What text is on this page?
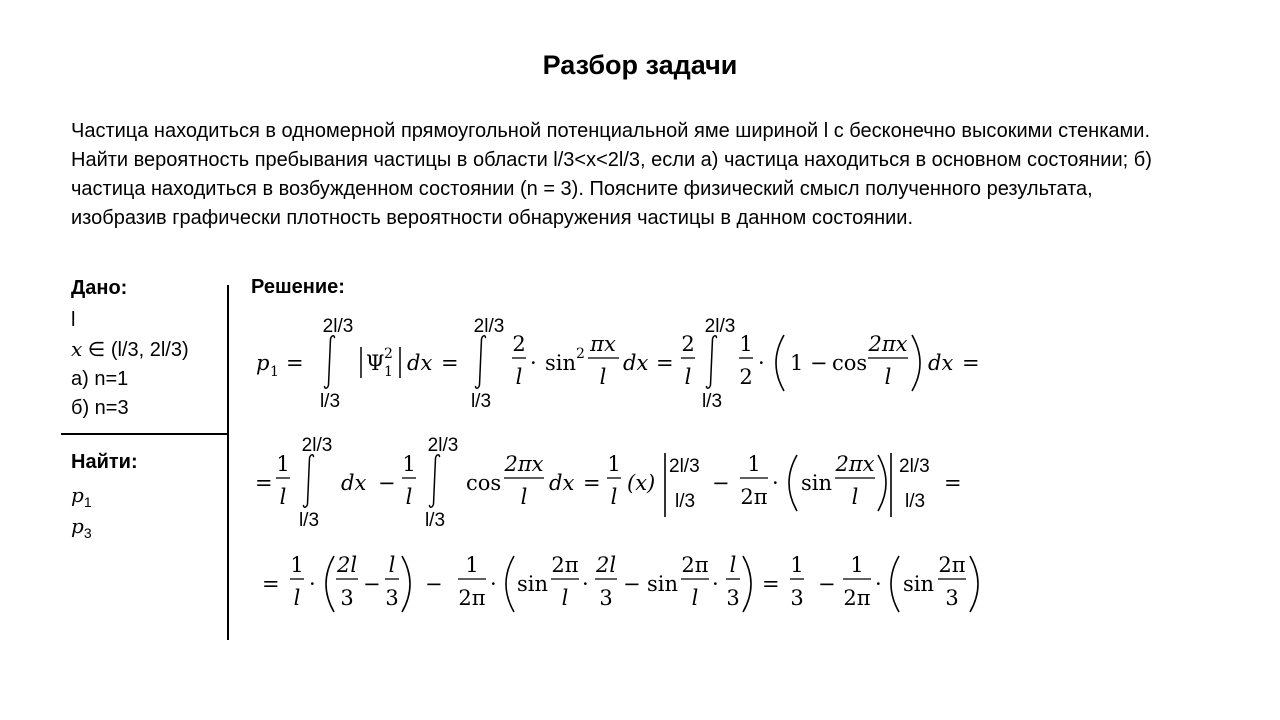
Разбор задачи
Частица находиться в одномерной прямоугольной потенциальной яме шириной l с бесконечно высокими стенками. Найти вероятность пребывания частицы в области l/3<x<2l/3, если а) частица находиться в основном состоянии; б) частица находиться в возбужденном состоянии (n = 3). Поясните физический смысл полученного результата, изобразив графически плотность вероятности обнаружения частицы в данном состоянии.
Дано:
l
x ∈ (l/3, 2l/3)
а) n=1
б) n=3
Найти:
$p_1$
$p_3$
Решение:
p 1 =
2l/3
l/3
Ψ 2
1 dx =
2l/3
l/3
2
l
· sin 2 πx
l
dx =
2
l
2l/3
l/3
1
2
· 1 − cos
2πx
l
dx =
=
1
l
2l/3
l/3
dx −
1
l
2l/3
l/3
cos
2πx
l
dx =
1
l
(x)
2l/3
l/3
−
1
2π
· sin
2πx
l
2l/3
l/3
=
=
1
l
·
2l
3
−
l
3
−
1
2π
· sin
2π
l
·
2l
3
− sin
2π
l
·
l
3
=
1
3
−
1
2π
· sin
2π
3
